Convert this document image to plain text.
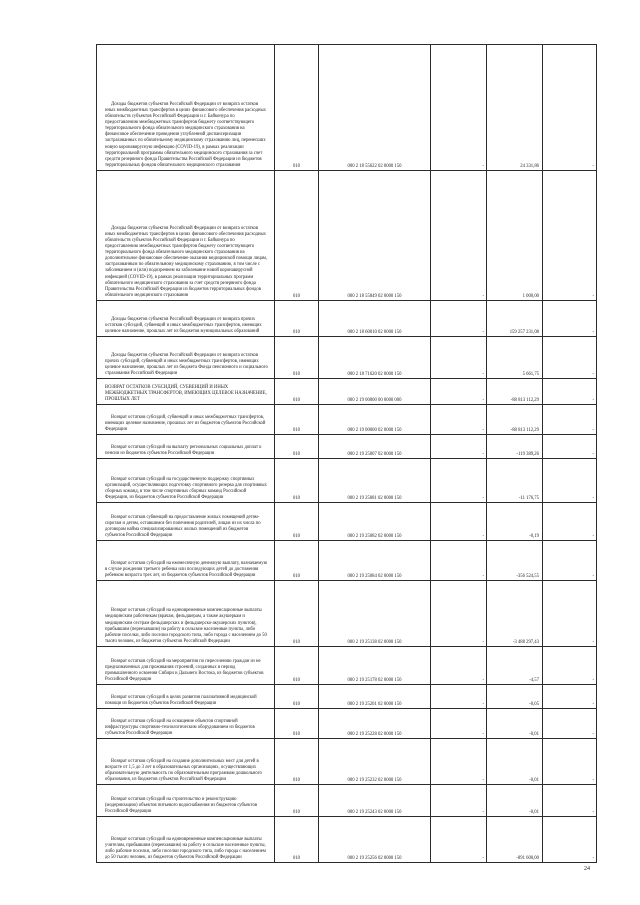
Доходы бюджетов субъектов Российской Федерации от возврата остатков иных межбюджетных трансфертов в целях финансового обеспечения расходных обязательств субъектов Российской Федерации и г. Байконура по предоставлению межбюджетных трансфертов бюджету соответствующего территориального фонда обязательного медицинского страхования на финансовое обеспечение проведения углубленной диспансеризации застрахованных по обязательному медицинскому страхованию лиц, перенесших новую коронавирусную инфекцию (COVID-19), в рамках реализации территориальной программы обязательного медицинского страхования за счет средств резервного фонда Правительства Российской Федерации из бюджетов территориальных фондов обязательного медицинского страхования	010	000 2 18 55622 02 0000 150	-	24 331,86	-

Доходы бюджетов субъектов Российской Федерации от возврата остатков иных межбюджетных трансфертов в целях финансового обеспечения расходных обязательств субъектов Российской Федерации и г. Байконура по предоставлению межбюджетных трансфертов бюджету соответствующего территориального фонда обязательного медицинского страхования на дополнительное финансовое обеспечение оказания медицинской помощи лицам, застрахованным по обязательному медицинскому страхованию, в том числе с заболеванием и (или) подозрением на заболевание новой коронавирусной инфекцией (COVID-19), в рамках реализации территориальных программ обязательного медицинского страхования за счет средств резервного фонда Правительства Российской Федерации из бюджетов территориальных фондов обязательного медицинского страхования	010	000 2 18 55849 02 0000 150	-	1 000,00	-

Доходы бюджетов субъектов Российской Федерации от возврата прочих остатков субсидий, субвенций и иных межбюджетных трансфертов, имеющих целевое назначение, прошлых лет из бюджетов муниципальных образований	010	000 2 18 60010 02 0000 150	-	159 257 231,08	-

Доходы бюджетов субъектов Российской Федерации от возврата остатков прочих субсидий, субвенций и иных межбюджетных трансфертов, имеющих целевое назначение, прошлых лет из бюджета Фонда пенсионного и социального страхования Российской Федерации	010	000 2 18 71620 02 0000 150	-	5 661,75	-

ВОЗВРАТ ОСТАТКОВ СУБСИДИЙ, СУБВЕНЦИЙ И ИНЫХ МЕЖБЮДЖЕТНЫХ ТРАНСФЕРТОВ, ИМЕЮЩИХ ЦЕЛЕВОЕ НАЗНАЧЕНИЕ, ПРОШЛЫХ ЛЕТ	010	000 2 19 00000 00 0000 000	-	-88 813 112,29	-

Возврат остатков субсидий, субвенций и иных межбюджетных трансфертов, имеющих целевое назначение, прошлых лет из бюджетов субъектов Российской Федерации	010	000 2 19 00000 02 0000 150	-	-88 813 112,29	-

Возврат остатков субсидий на выплату региональных социальных доплат к пенсии из бюджетов субъектов Российской Федерации	010	000 2 19 25007 02 0000 150	-	-119 389,26	-

Возврат остатков субсидий на государственную поддержку спортивных организаций, осуществляющих подготовку спортивного резерва для спортивных сборных команд, в том числе спортивных сборных команд Российской Федерации, из бюджетов субъектов Российской Федерации	010	000 2 19 25081 02 0000 150	-	-11 176,75	-

Возврат остатков субвенций на предоставление жилых помещений детям-сиротам и детям, оставшимся без попечения родителей, лицам из их числа по договорам найма специализированных жилых помещений из бюджетов субъектов Российской Федерации	010	000 2 19 25082 02 0000 150	-	-0,19	-

Возврат остатков субсидий на ежемесячную денежную выплату, назначаемую в случае рождения третьего ребенка или последующих детей до достижения ребенком возраста трех лет, из бюджетов субъектов Российской Федерации	010	000 2 19 25084 02 0000 150	-	-356 524,55	-

Возврат остатков субсидий на единовременные компенсационные выплаты медицинским работникам (врачам, фельдшерам, а также акушеркам и медицинским сестрам фельдшерских и фельдшерско-акушерских пунктов), прибывшим (переехавшим) на работу в сельские населенные пункты, либо рабочие поселки, либо поселки городского типа, либо города с населением до 50 тысяч человек, из бюджетов субъектов Российской Федерации	010	000 2 19 25138 02 0000 150	-	-3 488 297,43	-

Возврат остатков субсидий на мероприятия по переселению граждан из не предназначенных для проживания строений, созданных в период промышленного освоения Сибири и Дальнего Востока, из бюджетов субъектов Российской Федерации	010	000 2 19 25178 02 0000 150	-	-4,57	-

Возврат остатков субсидий в целях развития паллиативной медицинской помощи из бюджетов субъектов Российской Федерации	010	000 2 19 25201 02 0000 150	-	-0,05	-

Возврат остатков субсидий на оснащение объектов спортивной инфраструктуры спортивно-технологическим оборудованием из бюджетов субъектов Российской Федерации	010	000 2 19 25228 02 0000 150	-	-0,01	-

Возврат остатков субсидий на создание дополнительных мест для детей в возрасте от 1,5 до 3 лет в образовательных организациях, осуществляющих образовательную деятельность по образовательным программам дошкольного образования, из бюджетов субъектов Российской Федерации	010	000 2 19 25232 02 0000 150	-	-0,01	-

Возврат остатков субсидий на строительство и реконструкцию (модернизацию) объектов питьевого водоснабжения из бюджетов субъектов Российской Федерации	010	000 2 19 25243 02 0000 150	-	-0,01	-

Возврат остатков субсидий на единовременные компенсационные выплаты учителям, прибывшим (переехавшим) на работу в сельские населенные пункты, либо рабочие поселки, либо поселки городского типа, либо города с населением до 50 тысяч человек, из бюджетов субъектов Российской Федерации	010	000 2 19 25256 02 0000 150	-	-891 600,00	-
24
